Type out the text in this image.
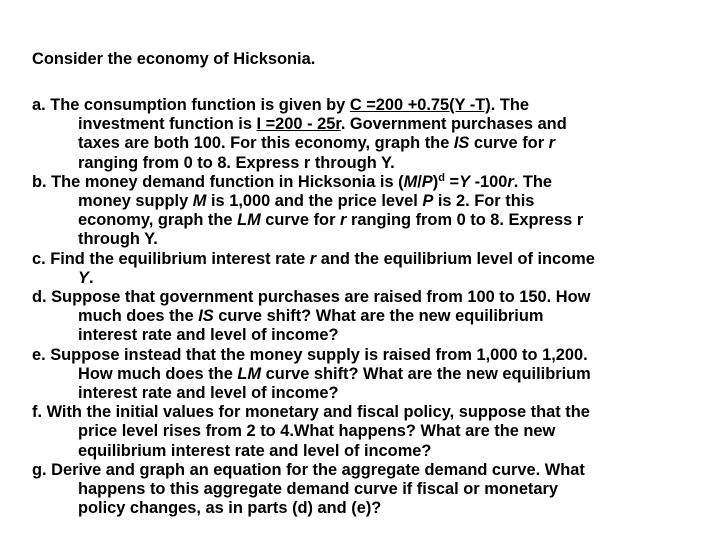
Consider the economy of Hicksonia.

a. The consumption function is given by C =200 +0.75(Y -T). The
investment function is I =200 - 25r. Government purchases and
taxes are both 100. For this economy, graph the IS curve for r
ranging from 0 to 8. Express r through Y.

b. The money demand function in Hicksonia is $(M/P)^d =Y$ -100r. The
money supply M is 1,000 and the price level P is 2. For this
economy, graph the LM curve for r ranging from 0 to 8. Express r
through Y.

c. Find the equilibrium interest rate r and the equilibrium level of income
Y.

d. Suppose that government purchases are raised from 100 to 150. How
much does the IS curve shift? What are the new equilibrium
interest rate and level of income?

e. Suppose instead that the money supply is raised from 1,000 to 1,200.
How much does the LM curve shift? What are the new equilibrium
interest rate and level of income?

f. With the initial values for monetary and fiscal policy, suppose that the
price level rises from 2 to 4.What happens? What are the new
equilibrium interest rate and level of income?

g. Derive and graph an equation for the aggregate demand curve. What
happens to this aggregate demand curve if fiscal or monetary
policy changes, as in parts (d) and (e)?
